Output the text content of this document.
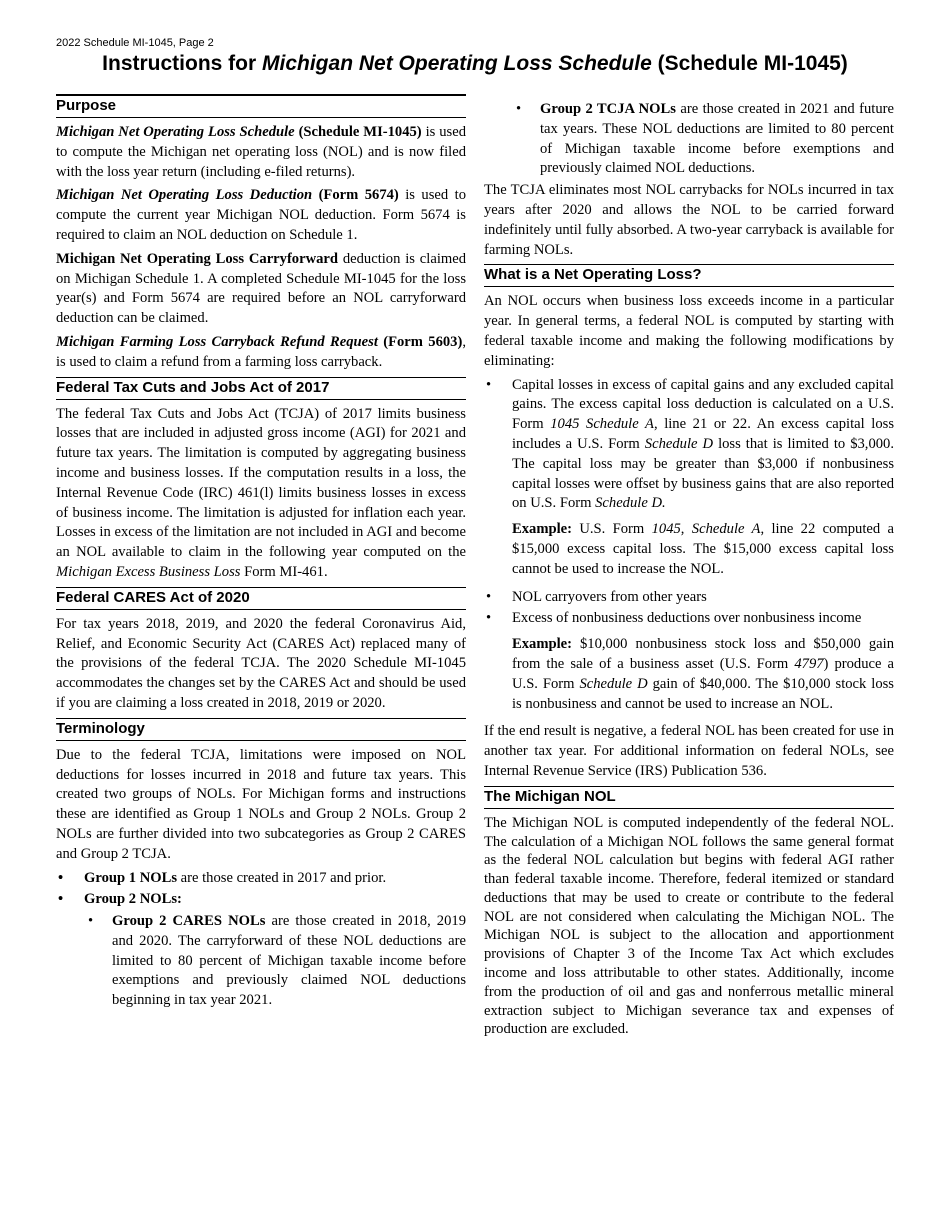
2022 Schedule MI-1045, Page 2
Instructions for Michigan Net Operating Loss Schedule (Schedule MI-1045)
Purpose

Michigan Net Operating Loss Schedule (Schedule MI-1045) is used to compute the Michigan net operating loss (NOL) and is now filed with the loss year return (including e-filed returns).

Michigan Net Operating Loss Deduction (Form 5674) is used to compute the current year Michigan NOL deduction. Form 5674 is required to claim an NOL deduction on Schedule 1.

Michigan Net Operating Loss Carryforward deduction is claimed on Michigan Schedule 1. A completed Schedule MI-1045 for the loss year(s) and Form 5674 are required before an NOL carryforward deduction can be claimed.

Michigan Farming Loss Carryback Refund Request (Form 5603), is used to claim a refund from a farming loss carryback.

Federal Tax Cuts and Jobs Act of 2017

The federal Tax Cuts and Jobs Act (TCJA) of 2017 limits business losses that are included in adjusted gross income (AGI) for 2021 and future tax years. The limitation is computed by aggregating business income and business losses. If the computation results in a loss, the Internal Revenue Code (IRC) 461(l) limits business losses in excess of business income. The limitation is adjusted for inflation each year. Losses in excess of the limitation are not included in AGI and become an NOL available to claim in the following year computed on the Michigan Excess Business Loss Form MI-461.

Federal CARES Act of 2020

For tax years 2018, 2019, and 2020 the federal Coronavirus Aid, Relief, and Economic Security Act (CARES Act) replaced many of the provisions of the federal TCJA. The 2020 Schedule MI-1045 accommodates the changes set by the CARES Act and should be used if you are claiming a loss created in 2018, 2019 or 2020.

Terminology

Due to the federal TCJA, limitations were imposed on NOL deductions for losses incurred in 2018 and future tax years. This created two groups of NOLs. For Michigan forms and instructions these are identified as Group 1 NOLs and Group 2 NOLs. Group 2 NOLs are further divided into two subcategories as Group 2 CARES and Group 2 TCJA.

• Group 1 NOLs are those created in 2017 and prior.
• Group 2 NOLs:
• Group 2 CARES NOLs are those created in 2018, 2019 and 2020. The carryforward of these NOL deductions are limited to 80 percent of Michigan taxable income before exemptions and previously claimed NOL deductions beginning in tax year 2021.
• Group 2 TCJA NOLs are those created in 2021 and future tax years. These NOL deductions are limited to 80 percent of Michigan taxable income before exemptions and previously claimed NOL deductions.

The TCJA eliminates most NOL carrybacks for NOLs incurred in tax years after 2020 and allows the NOL to be carried forward indefinitely until fully absorbed. A two-year carryback is available for farming NOLs.

What is a Net Operating Loss?

An NOL occurs when business loss exceeds income in a particular year. In general terms, a federal NOL is computed by starting with federal taxable income and making the following modifications by eliminating:

• Capital losses in excess of capital gains and any excluded capital gains. The excess capital loss deduction is calculated on a U.S. Form 1045 Schedule A, line 21 or 22. An excess capital loss includes a U.S. Form Schedule D loss that is limited to $3,000. The capital loss may be greater than $3,000 if nonbusiness capital losses were offset by business gains that are also reported on U.S. Form Schedule D.

Example: U.S. Form 1045, Schedule A, line 22 computed a $15,000 excess capital loss. The $15,000 excess capital loss cannot be used to increase the NOL.

• NOL carryovers from other years
• Excess of nonbusiness deductions over nonbusiness income

Example: $10,000 nonbusiness stock loss and $50,000 gain from the sale of a business asset (U.S. Form 4797) produce a U.S. Form Schedule D gain of $40,000. The $10,000 stock loss is nonbusiness and cannot be used to increase an NOL.

If the end result is negative, a federal NOL has been created for use in another tax year. For additional information on federal NOLs, see Internal Revenue Service (IRS) Publication 536.

The Michigan NOL

The Michigan NOL is computed independently of the federal NOL. The calculation of a Michigan NOL follows the same general format as the federal NOL calculation but begins with federal AGI rather than federal taxable income. Therefore, federal itemized or standard deductions that may be used to create or contribute to the federal NOL are not considered when calculating the Michigan NOL. The Michigan NOL is subject to the allocation and apportionment provisions of Chapter 3 of the Income Tax Act which excludes income and loss attributable to other states. Additionally, income from the production of oil and gas and nonferrous metallic mineral extraction subject to Michigan severance tax and expenses of production are excluded.
